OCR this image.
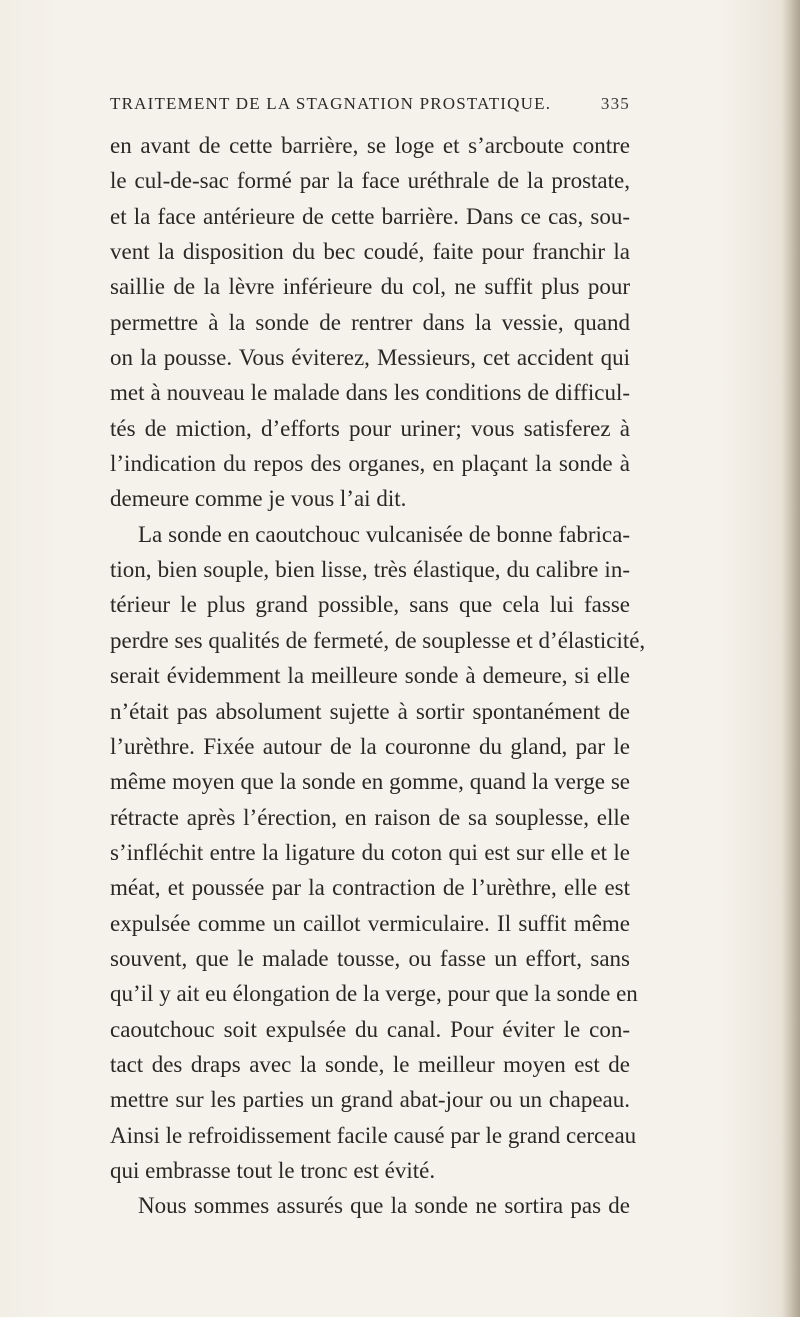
TRAITEMENT DE LA STAGNATION PROSTATIQUE.	335
en avant de cette barrière, se loge et s’arcboute contre
le cul-de-sac formé par la face uréthrale de la prostate,
et la face antérieure de cette barrière. Dans ce cas, sou-
vent la disposition du bec coudé, faite pour franchir la
saillie de la lèvre inférieure du col, ne suffit plus pour
permettre à la sonde de rentrer dans la vessie, quand
on la pousse. Vous éviterez, Messieurs, cet accident qui
met à nouveau le malade dans les conditions de difficul-
tés de miction, d’efforts pour uriner; vous satisferez à
l’indication du repos des organes, en plaçant la sonde à
demeure comme je vous l’ai dit.
La sonde en caoutchouc vulcanisée de bonne fabrica-
tion, bien souple, bien lisse, très élastique, du calibre in-
térieur le plus grand possible, sans que cela lui fasse
perdre ses qualités de fermeté, de souplesse et d’élasticité,
serait évidemment la meilleure sonde à demeure, si elle
n’était pas absolument sujette à sortir spontanément de
l’urèthre. Fixée autour de la couronne du gland, par le
même moyen que la sonde en gomme, quand la verge se
rétracte après l’érection, en raison de sa souplesse, elle
s’infléchit entre la ligature du coton qui est sur elle et le
méat, et poussée par la contraction de l’urèthre, elle est
expulsée comme un caillot vermiculaire. Il suffit même
souvent, que le malade tousse, ou fasse un effort, sans
qu’il y ait eu élongation de la verge, pour que la sonde en
caoutchouc soit expulsée du canal. Pour éviter le con-
tact des draps avec la sonde, le meilleur moyen est de
mettre sur les parties un grand abat-jour ou un chapeau.
Ainsi le refroidissement facile causé par le grand cerceau
qui embrasse tout le tronc est évité.
Nous sommes assurés que la sonde ne sortira pas de
